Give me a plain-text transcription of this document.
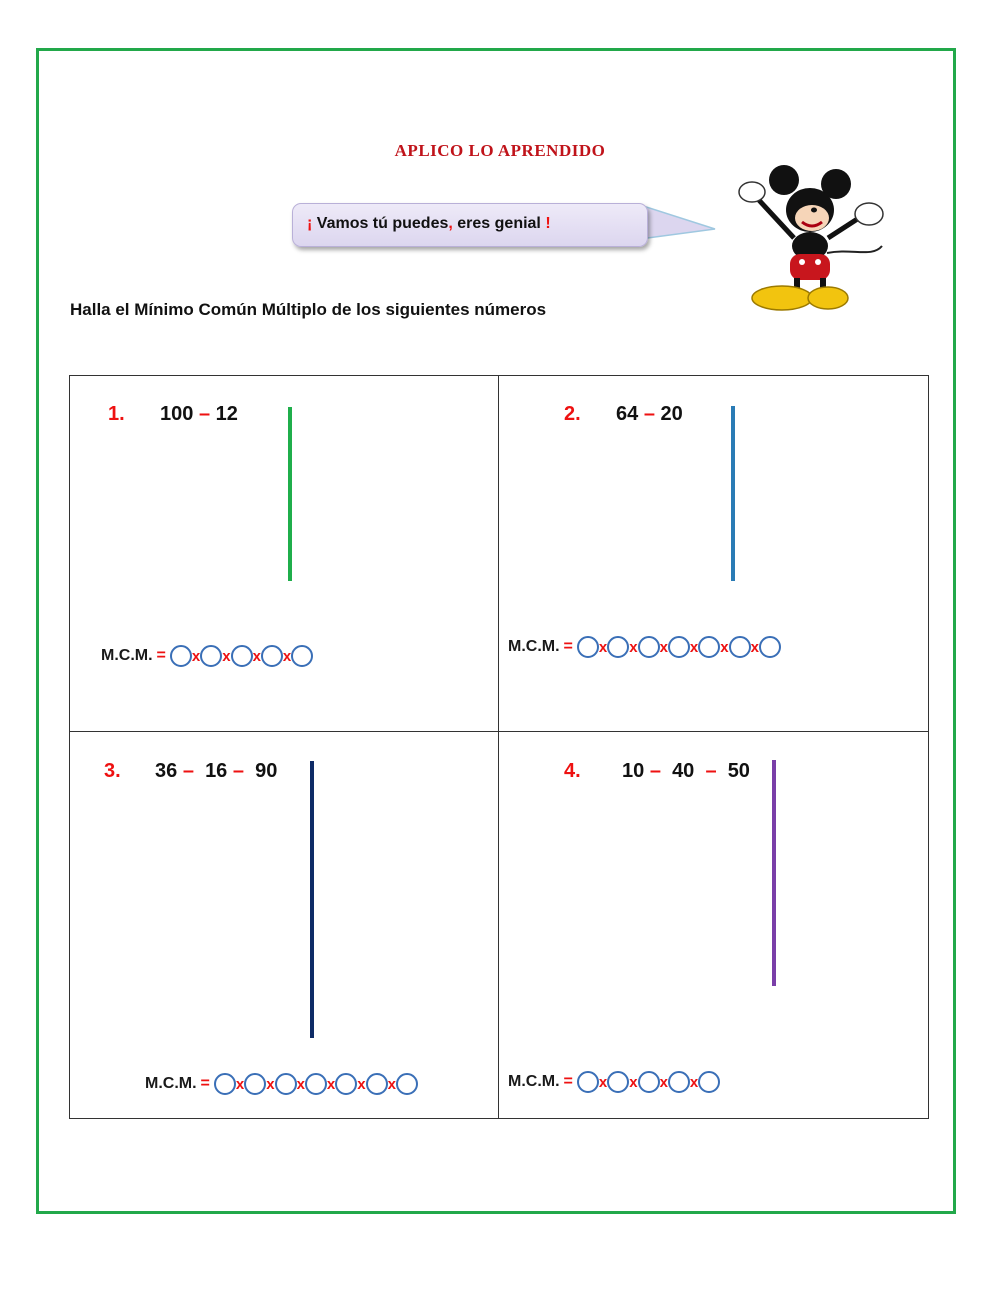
APLICO LO APRENDIDO
¡ Vamos tú puedes, eres genial !
Halla el Mínimo Común Múltiplo de los siguientes números
1. 100 – 12
M.C.M. = x x x x
2. 64 – 20
M.C.M. = x x x x x x
3. 36 – 16 – 90
M.C.M. = x x x x x x
4. 10 – 40 – 50
M.C.M. = x x x x
